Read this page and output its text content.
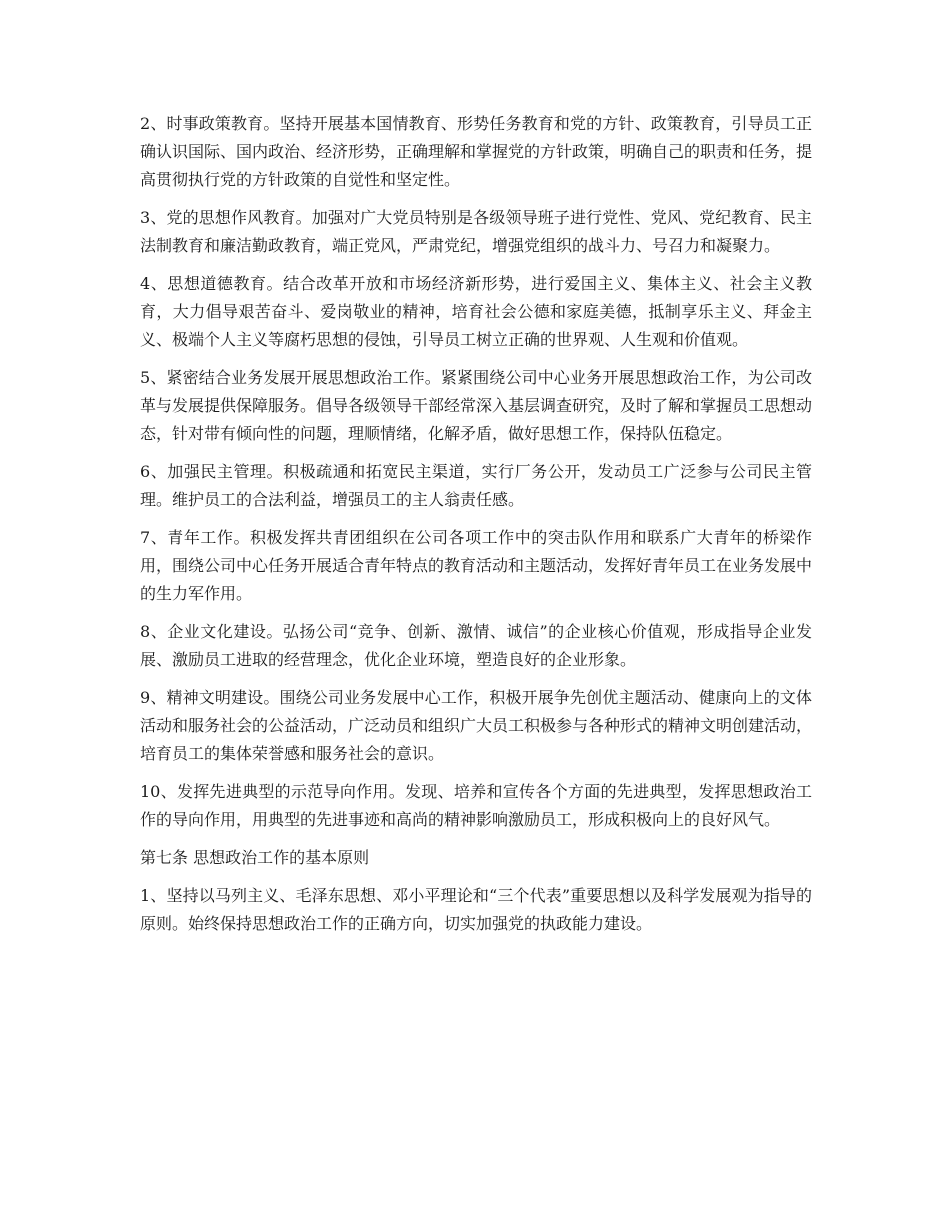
2、时事政策教育。坚持开展基本国情教育、形势任务教育和党的方针、政策教育，引导员工正确认识国际、国内政治、经济形势，正确理解和掌握党的方针政策，明确自己的职责和任务，提高贯彻执行党的方针政策的自觉性和坚定性。

3、党的思想作风教育。加强对广大党员特别是各级领导班子进行党性、党风、党纪教育、民主法制教育和廉洁勤政教育，端正党风，严肃党纪，增强党组织的战斗力、号召力和凝聚力。

4、思想道德教育。结合改革开放和市场经济新形势，进行爱国主义、集体主义、社会主义教育，大力倡导艰苦奋斗、爱岗敬业的精神，培育社会公德和家庭美德，抵制享乐主义、拜金主义、极端个人主义等腐朽思想的侵蚀，引导员工树立正确的世界观、人生观和价值观。

5、紧密结合业务发展开展思想政治工作。紧紧围绕公司中心业务开展思想政治工作，为公司改革与发展提供保障服务。倡导各级领导干部经常深入基层调查研究，及时了解和掌握员工思想动态，针对带有倾向性的问题，理顺情绪，化解矛盾，做好思想工作，保持队伍稳定。

6、加强民主管理。积极疏通和拓宽民主渠道，实行厂务公开，发动员工广泛参与公司民主管理。维护员工的合法利益，增强员工的主人翁责任感。

7、青年工作。积极发挥共青团组织在公司各项工作中的突击队作用和联系广大青年的桥梁作用，围绕公司中心任务开展适合青年特点的教育活动和主题活动，发挥好青年员工在业务发展中的生力军作用。

8、企业文化建设。弘扬公司“竞争、创新、激情、诚信”的企业核心价值观，形成指导企业发展、激励员工进取的经营理念，优化企业环境，塑造良好的企业形象。

9、精神文明建设。围绕公司业务发展中心工作，积极开展争先创优主题活动、健康向上的文体活动和服务社会的公益活动，广泛动员和组织广大员工积极参与各种形式的精神文明创建活动，培育员工的集体荣誉感和服务社会的意识。

10、发挥先进典型的示范导向作用。发现、培养和宣传各个方面的先进典型，发挥思想政治工作的导向作用，用典型的先进事迹和高尚的精神影响激励员工，形成积极向上的良好风气。

第七条 思想政治工作的基本原则

1、坚持以马列主义、毛泽东思想、邓小平理论和“三个代表”重要思想以及科学发展观为指导的原则。始终保持思想政治工作的正确方向，切实加强党的执政能力建设。
